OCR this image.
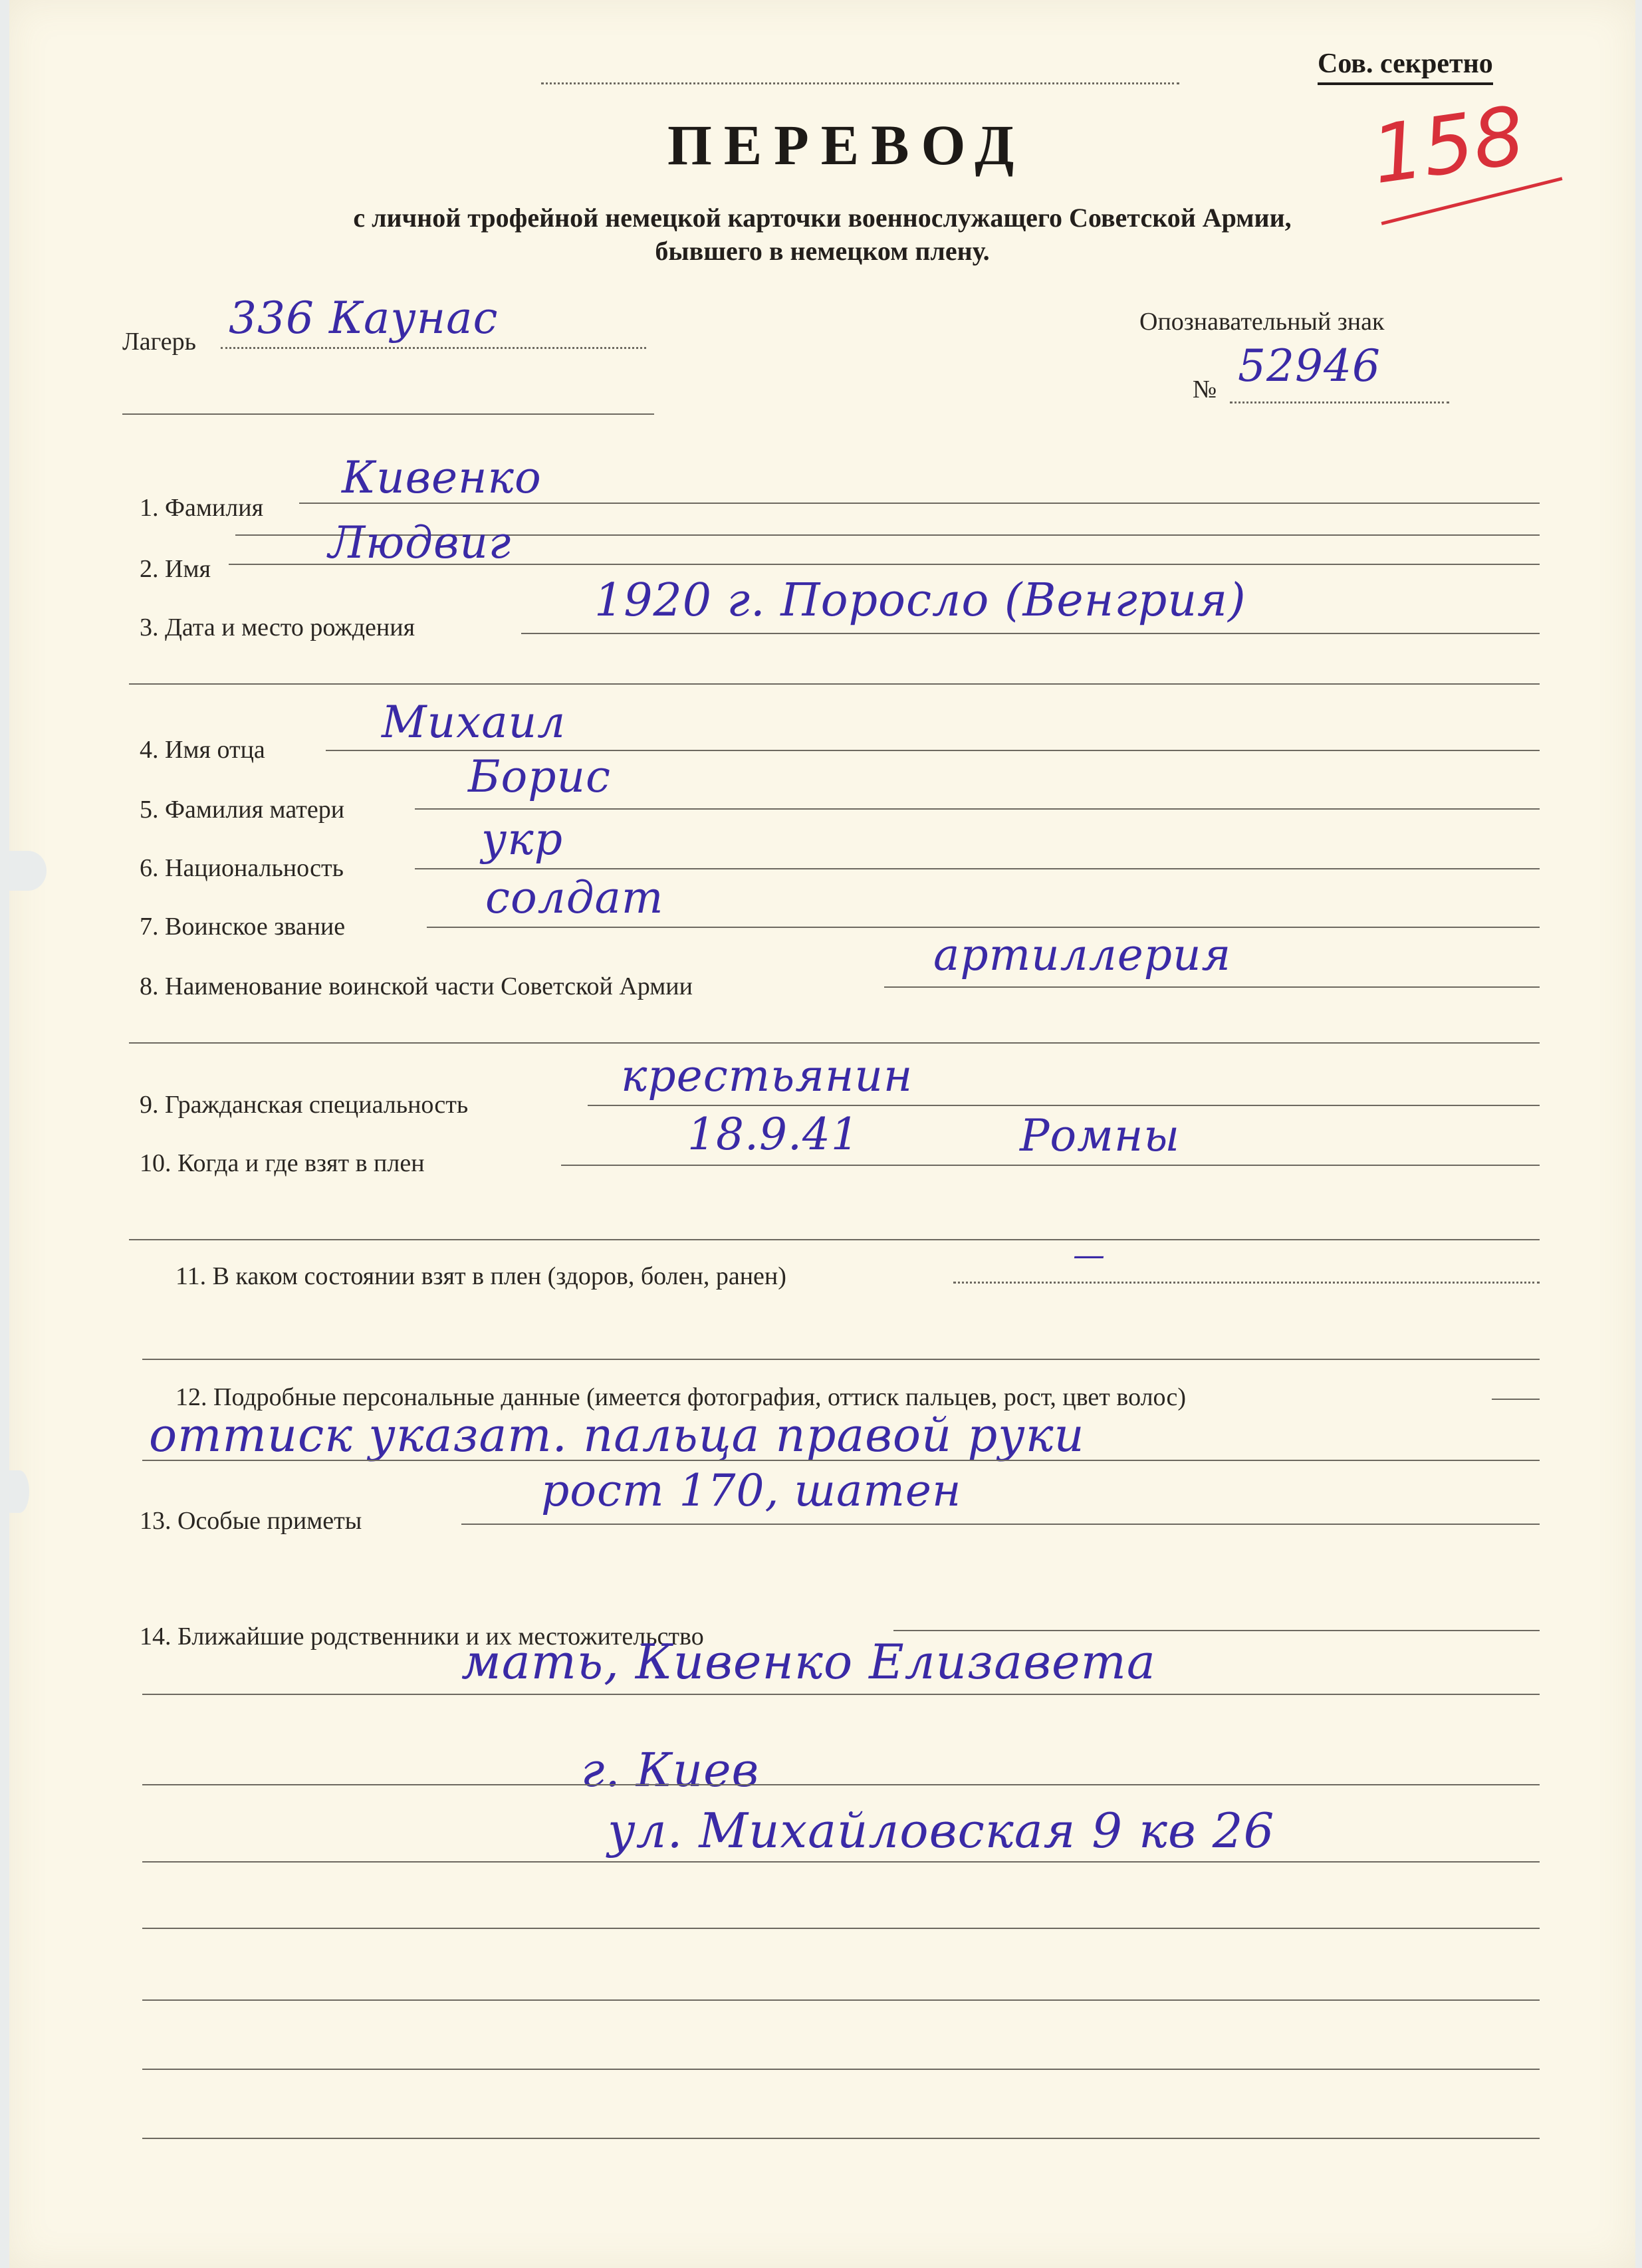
Сов. секретно
ПЕРЕВОД	158
с личной трофейной немецкой карточки военнослужащего Советской Армии,
бывшего в немецком плену.
Лагерь 336 Каунас	Опознавательный знак
№ 52946
1. Фамилия
Кивенко
2. Имя
Людвиг
3. Дата и место рождения
1920 г. Поросло (Венгрия)
4. Имя отца
Михаил
5. Фамилия матери
Борис
6. Национальность
укр
7. Воинское звание
солдат
8. Наименование воинской части Советской Армии
артиллерия
9. Гражданская специальность
крестьянин
10. Когда и где взят в плен
18.9.41	Ромны
11. В каком состоянии взят в плен (здоров, болен, ранен)
—
12. Подробные персональные данные (имеется фотография, оттиск пальцев, рост, цвет волос)
оттиск указат. пальца правой руки
13. Особые приметы
рост 170, шатен
14. Ближайшие родственники и их местожительство
мать, Кивенко Елизавета
г. Киев
ул. Михайловская 9 кв 26
